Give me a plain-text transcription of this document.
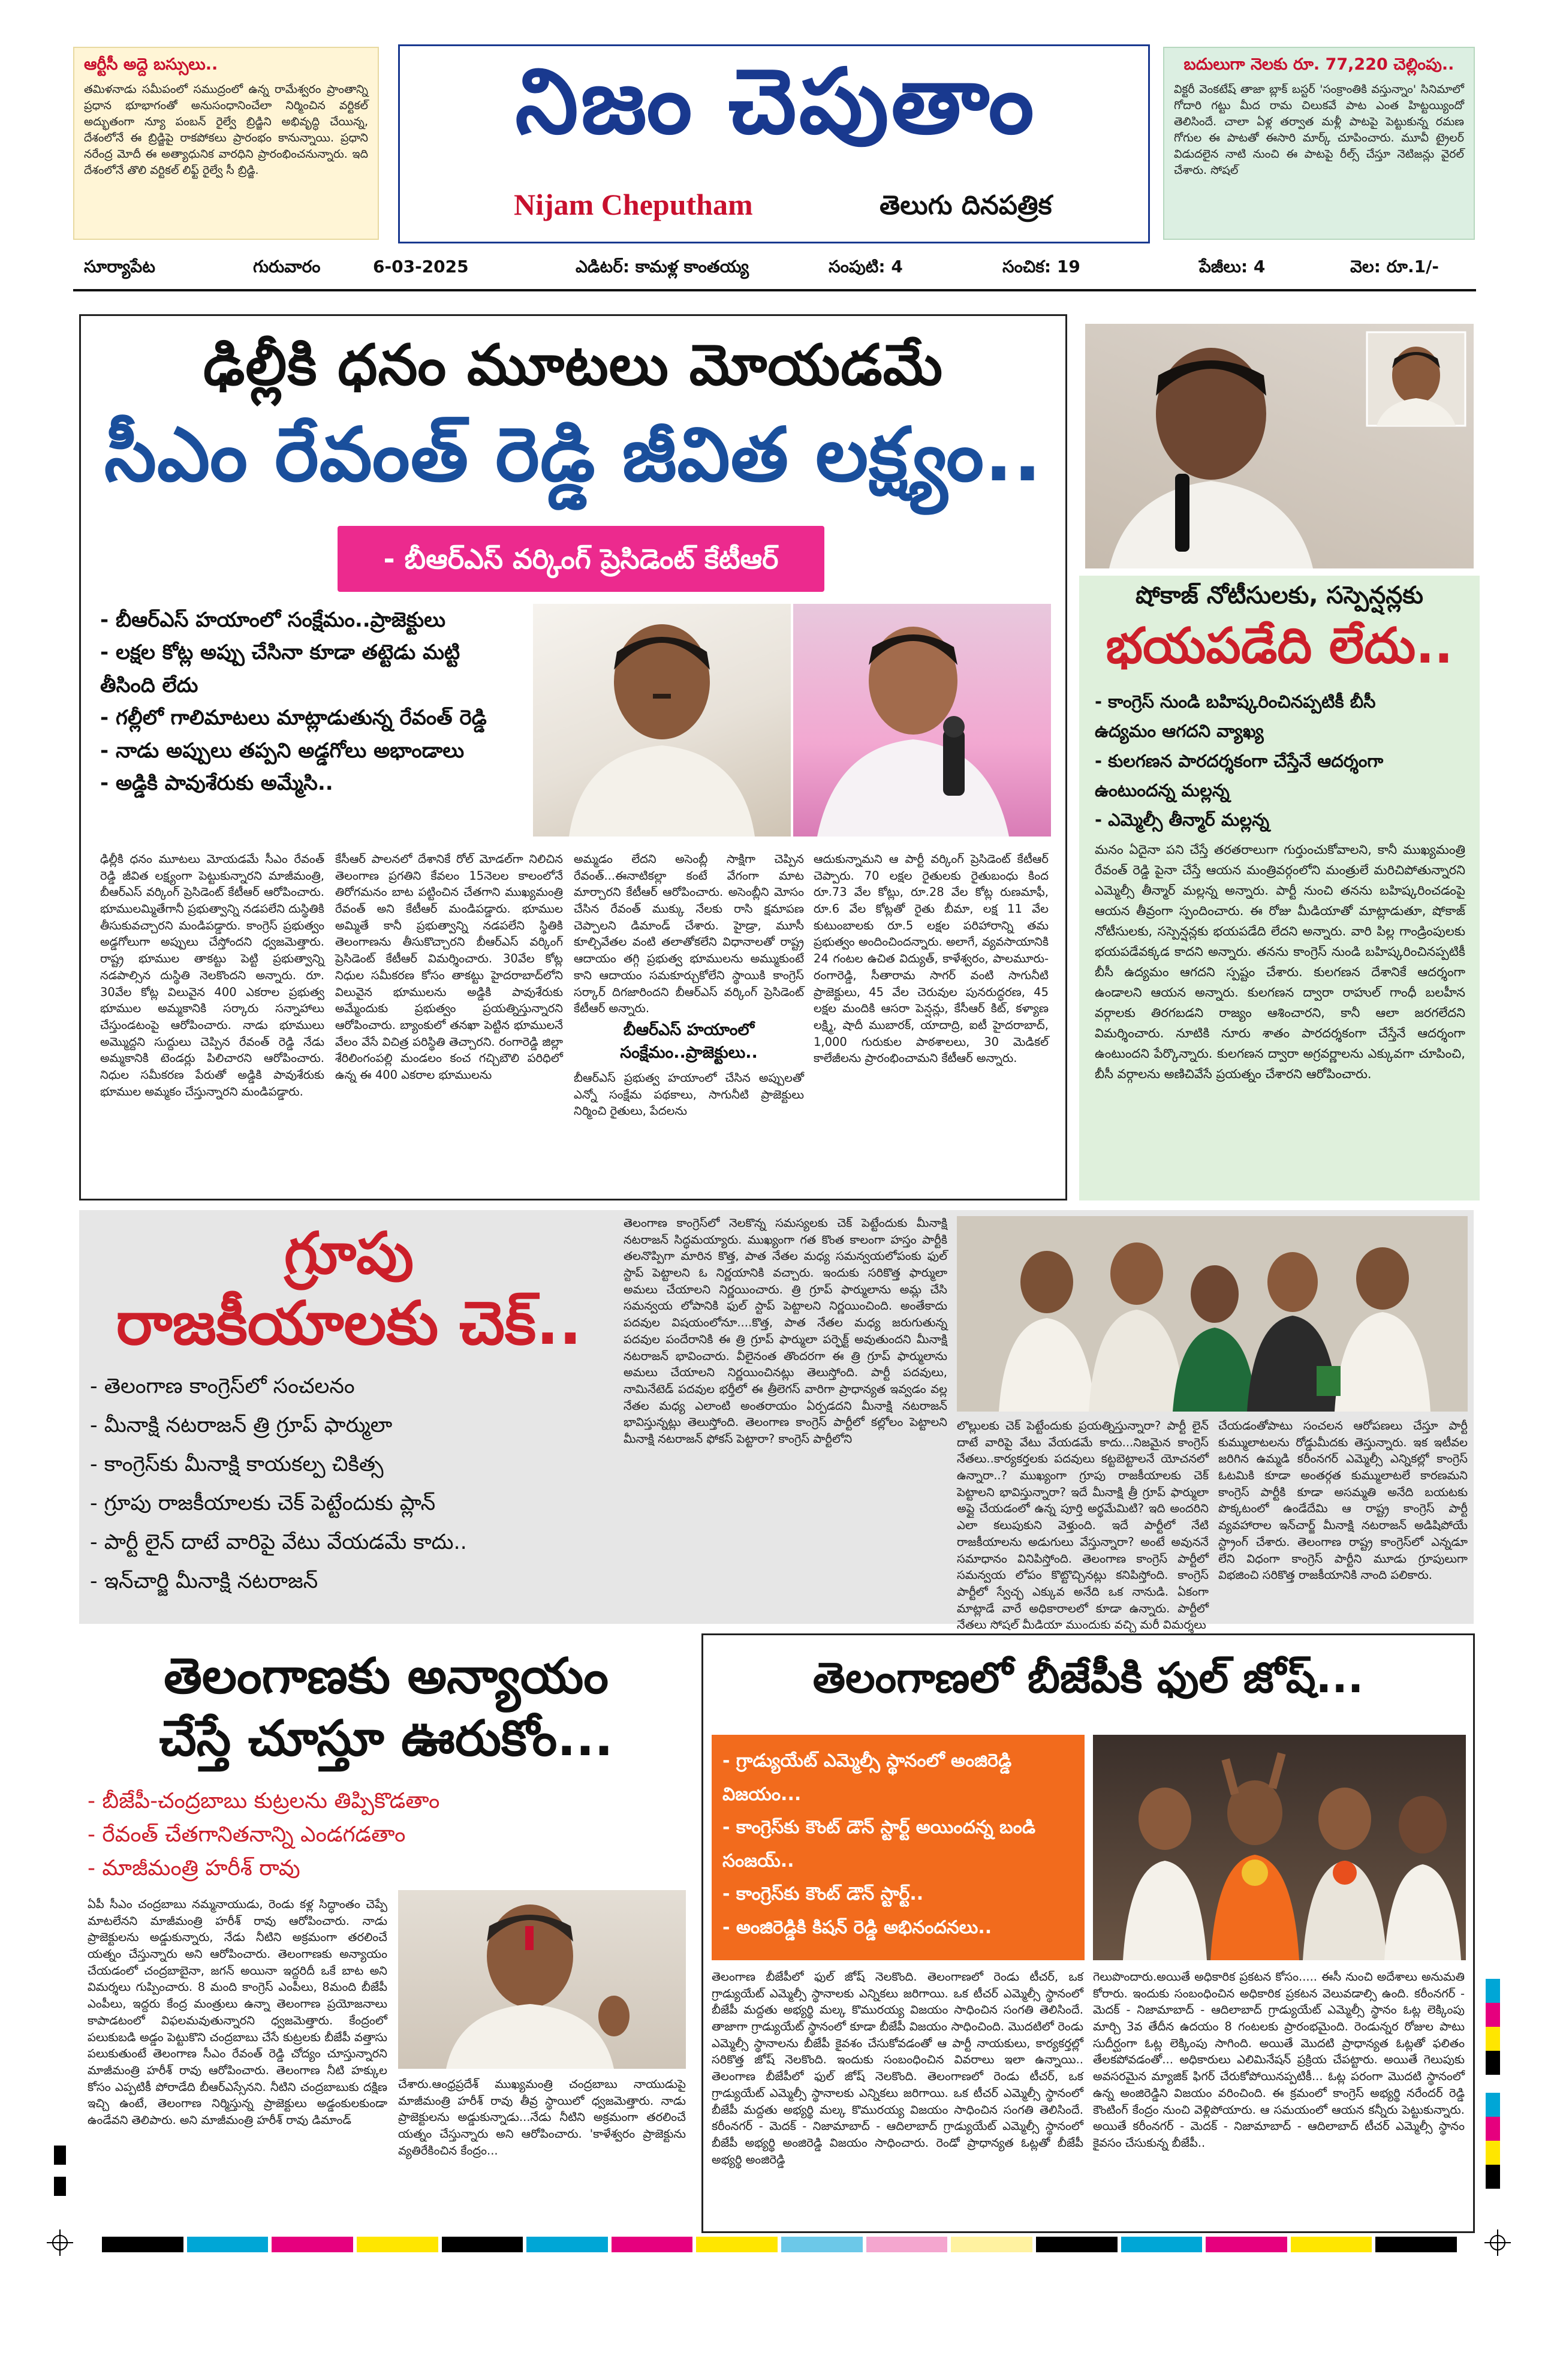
ఆర్టీసీ అద్దె బస్సులు..
తమిళనాడు సమీపంలో సముద్రంలో ఉన్న రామేశ్వరం ప్రాంతాన్ని ప్రధాన భూభాగంతో అనుసంధానించేలా నిర్మించిన వర్టికల్ అద్భుతంగా న్యూ పంబన్ రైల్వే బ్రిడ్జిని అభివృద్ధి చేయిన్న, దేశంలోనే ఈ బ్రిడ్జిపై రాకపోకలు ప్రారంభం కానున్నాయి. ప్రధాని నరేంద్ర మోదీ ఈ అత్యాధునిక వారధిని ప్రారంభించనున్నారు. ఇది దేశంలోనే తొలి వర్టికల్ లిఫ్ట్ రైల్వే సీ బ్రిడ్జి.
నిజం చెపుతాం
Nijam Cheputham	తెలుగు దినపత్రిక
బదులుగా నెలకు రూ. 77,220 చెల్లింపు..
విక్టరీ వెంకటేష్ తాజా బ్లాక్ బస్టర్ 'సంక్రాంతికి వస్తున్నాం' సినిమాలో గోదారి గట్టు మీద రామ చిలుకవే పాట ఎంత హిట్టయ్యిందో తెలిసిందే. చాలా ఏళ్ల తర్వాత మళ్లీ పాటపై పెట్టుకున్న రమణ గోగుల ఈ పాటతో ఈసారి మార్క్ చూపించారు. మూవీ ట్రైలర్ విడుదలైన నాటి నుంచి ఈ పాటపై రీల్స్ చేస్తూ నెటిజన్లు వైరల్ చేశారు. సోషల్
సూర్యాపేట	గురువారం	6-03-2025	ఎడిటర్: కామళ్ల కాంతయ్య	సంపుటి: 4	సంచిక: 19	పేజీలు: 4	వెల: రూ.1/-
ఢిల్లీకి ధనం మూటలు మోయడమే
సీఎం రేవంత్ రెడ్డి జీవిత లక్ష్యం..
- బీఆర్ఎస్ వర్కింగ్ ప్రెసిడెంట్ కేటీఆర్
- బీఆర్ఎస్ హయాంలో సంక్షేమం..ప్రాజెక్టులు
- లక్షల కోట్ల అప్పు చేసినా కూడా తట్టెడు మట్టి
తీసింది లేదు
- గల్లీలో గాలిమాటలు మాట్లాడుతున్న రేవంత్ రెడ్డి
- నాడు అప్పులు తప్పని అడ్డగోలు అభాండాలు
- అడ్డికి పావుశేరుకు అమ్మేసి..
ఢిల్లీకి ధనం మూటలు మోయడమే సీఎం రేవంత్ రెడ్డి జీవిత లక్ష్యంగా పెట్టుకున్నారని మాజీమంత్రి, బీఆర్ఎస్ వర్కింగ్ ప్రెసిడెంట్ కేటీఆర్ ఆరోపించారు. భూములమ్మితేగానీ ప్రభుత్వాన్ని నడపలేని దుస్థితికి తీసుకువచ్చారని మండిపడ్డారు. కాంగ్రెస్ ప్రభుత్వం అడ్డగోలుగా అప్పులు చేస్తోందని ధ్వజమెత్తారు. రాష్ట్ర భూముల తాకట్టు పెట్టి ప్రభుత్వాన్ని నడపాల్సిన దుస్థితి నెలకొందని అన్నారు. రూ. 30వేల కోట్ల విలువైన 400 ఎకరాల ప్రభుత్వ భూముల అమ్మకానికి సర్కారు సన్నాహాలు చేస్తుండటంపై ఆరోపించారు. నాడు భూములు అమ్మొద్దని సుద్దులు చెప్పిన రేవంత్ రెడ్డి నేడు అమ్మకానికి టెండర్లు పిలిచారని ఆరోపించారు. నిధుల సమీకరణ పేరుతో అడ్డికి పావుశేరుకు భూముల అమ్మకం చేస్తున్నారని మండిపడ్డారు.
కేసీఆర్ పాలనలో దేశానికే రోల్ మోడల్‌గా నిలిచిన తెలంగాణ ప్రగతిని కేవలం 15నెలల కాలంలోనే తిరోగమనం బాట పట్టించిన చేతగాని ముఖ్యమంత్రి రేవంత్ అని కేటీఆర్ మండిపడ్డారు. భూముల అమ్మితే కానీ ప్రభుత్వాన్ని నడపలేని స్థితికి తెలంగాణను తీసుకొచ్చారని బీఆర్ఎస్ వర్కింగ్ ప్రెసిడెంట్ కేటీఆర్ విమర్శించారు. 30వేల కోట్ల నిధుల సమీకరణ కోసం తాకట్టు హైదరాబాద్‌లోని విలువైన భూములను అడ్డికి పావుశేరుకు అమ్మేందుకు ప్రభుత్వం ప్రయత్నిస్తున్నారని ఆరోపించారు. బ్యాంకులో తనఖా పెట్టిన భూములనే వేలం వేసే విచిత్ర పరిస్థితి తెచ్చారని. రంగారెడ్డి జిల్లా శేరిలింగంపల్లి మండలం కంచ గచ్చిబౌలి పరిధిలో ఉన్న ఈ 400 ఎకరాల భూములను
అమ్మడం లేదని అసెంబ్లీ సాక్షిగా చెప్పిన రేవంత్...ఈనాటికల్లా కంటే వేగంగా మాట మార్చారని కేటీఆర్ ఆరోపించారు. అసెంబ్లీని మోసం చేసిన రేవంత్ ముక్కు నేలకు రాసి క్షమాపణ చెప్పాలని డిమాండ్ చేశారు. హైడ్రా, మూసీ కూల్చివేతల వంటి తలాతోకలేని విధానాలతో రాష్ట్ర ఆదాయం తగ్గి ప్రభుత్వ భూములను అమ్ముకుంటే కాని ఆదాయం సమకూర్చుకోలేని స్థాయికి కాంగ్రెస్ సర్కార్ దిగజారిందని బీఆర్ఎస్ వర్కింగ్ ప్రెసిడెంట్ కేటీఆర్ అన్నారు.
బీఆర్ఎస్ హయాంలో సంక్షేమం..ప్రాజెక్టులు..
బీఆర్ఎస్ ప్రభుత్వ హయాంలో చేసిన అప్పులతో ఎన్నో సంక్షేమ పథకాలు, సాగునీటి ప్రాజెక్టులు నిర్మించి రైతులు, పేదలను
ఆదుకున్నామని ఆ పార్టీ వర్కింగ్ ప్రెసిడెంట్ కేటీఆర్ చెప్పారు. 70 లక్షల రైతులకు రైతుబంధు కింద రూ.73 వేల కోట్లు, రూ.28 వేల కోట్ల రుణమాఫీ, రూ.6 వేల కోట్లతో రైతు బీమా, లక్ష 11 వేల కుటుంబాలకు రూ.5 లక్షల పరిహారాన్ని తమ ప్రభుత్వం అందించిందన్నారు. అలాగే, వ్యవసాయానికి 24 గంటల ఉచిత విద్యుత్, కాళేశ్వరం, పాలమూరు-రంగారెడ్డి, సీతారామ సాగర్ వంటి సాగునీటి ప్రాజెక్టులు, 45 వేల చెరువుల పునరుద్ధరణ, 45 లక్షల మందికి ఆసరా పెన్షన్లు, కేసీఆర్ కిట్, కళ్యాణ లక్ష్మి, షాదీ ముబారక్, యాదాద్రి, ఐటీ హైదరాబాద్, 1,000 గురుకుల పాఠశాలలు, 30 మెడికల్ కాలేజీలను ప్రారంభించామని కేటీఆర్ అన్నారు.
షోకాజ్ నోటీసులకు, సస్పెన్షన్లకు
భయపడేది లేదు..
- కాంగ్రెస్ నుండి బహిష్కరించినప్పటికీ బీసీ
ఉద్యమం ఆగదని వ్యాఖ్య
- కులగణన పారదర్శకంగా చేస్తేనే ఆదర్శంగా
ఉంటుందన్న మల్లన్న
- ఎమ్మెల్సీ తీన్మార్ మల్లన్న
మనం ఏదైనా పని చేస్తే తరతరాలుగా గుర్తుంచుకోవాలని, కానీ ముఖ్యమంత్రి రేవంత్ రెడ్డి పైనా చేస్తే ఆయన మంత్రివర్గంలోని మంత్రులే మరిచిపోతున్నారని ఎమ్మెల్సీ తీన్మార్ మల్లన్న అన్నారు. పార్టీ నుంచి తనను బహిష్కరించడంపై ఆయన తీవ్రంగా స్పందించారు. ఈ రోజు మీడియాతో మాట్లాడుతూ, షోకాజ్ నోటీసులకు, సస్పెన్షన్లకు భయపడేది లేదని అన్నారు. వారి పిల్ల గాండ్రింపులకు భయపడేవక్కడ కాదని అన్నారు. తనను కాంగ్రెస్ నుండి బహిష్కరించినప్పటికీ బీసీ ఉద్యమం ఆగదని స్పష్టం చేశారు. కులగణన దేశానికే ఆదర్శంగా ఉండాలని ఆయన అన్నారు. కులగణన ద్వారా రాహుల్ గాంధీ బలహీన వర్గాలకు తిరగబడని రాజ్యం ఆశించారని, కానీ ఆలా జరగలేదని విమర్శించారు. నూటికి నూరు శాతం పారదర్శకంగా చేస్తేనే ఆదర్శంగా ఉంటుందని పేర్కొన్నారు. కులగణన ద్వారా అగ్రవర్ణాలను ఎక్కువగా చూపించి, బీసీ వర్గాలను అణిచివేసే ప్రయత్నం చేశారని ఆరోపించారు.
గ్రూపు
రాజకీయాలకు చెక్..
- తెలంగాణ కాంగ్రెస్‌లో సంచలనం
- మీనాక్షి నటరాజన్ త్రి గ్రూప్ ఫార్ములా
- కాంగ్రెస్‌కు మీనాక్షి కాయకల్ప చికిత్స
- గ్రూపు రాజకీయాలకు చెక్ పెట్టేందుకు ప్లాన్
- పార్టీ లైన్ దాటే వారిపై వేటు వేయడమే కాదు..
- ఇన్‌చార్జి మీనాక్షి నటరాజన్
తెలంగాణ కాంగ్రెస్‌లో నెలకొన్న సమస్యలకు చెక్ పెట్టేందుకు మీనాక్షి నటరాజన్ సిద్ధమయ్యారు. ముఖ్యంగా గత కొంత కాలంగా హస్తం పార్టీకి తలనొప్పిగా మారిన కొత్త, పాత నేతల మధ్య సమన్వయలోపంకు ఫుల్ స్టాప్ పెట్టాలని ఓ నిర్ణయానికి వచ్చారు. ఇందుకు సరికొత్త ఫార్ములా అమలు చేయాలని నిర్ణయించారు. త్రి గ్రూప్ ఫార్ములాను అమ్ల చేసి సమన్వయ లోపానికి ఫుల్ స్టాప్ పెట్టాలని నిర్ణయించింది. అంతేకాదు పదవుల విషయంలోనూ....కొత్త, పాత నేతల మధ్య జరుగుతున్న పదవుల పందేరానికి ఈ త్రి గ్రూప్ ఫార్ములా పర్ఫెక్ట్ అవుతుందని మీనాక్షి నటరాజన్ భావించారు. వీలైనంత తొందరగా ఈ త్రి గ్రూప్ ఫార్ములాను అమలు చేయాలని నిర్ణయించినట్లు తెలుస్తోంది. పార్టీ పదవులు, నామినేటెడ్ పదవుల భర్తీలో ఈ త్రీలెగస్ వారిగా ప్రాధాన్యత ఇవ్వడం వల్ల నేతల మధ్య ఎలాంటి అంతరాయం ఏర్పడదని మీనాక్షి నటరాజన్ భావిస్తున్నట్లు తెలుస్తోంది. తెలంగాణ కాంగ్రెస్ పార్టీలో కల్లోలం పెట్టాలని మీనాక్షి నటరాజన్ ఫోకస్ పెట్టారా? కాంగ్రెస్ పార్టీలోని
లొల్లులకు చెక్ పెట్టేందుకు ప్రయత్నిస్తున్నారా? పార్టీ లైన్ దాటే వారిపై వేటు వేయడమే కాదు...నిజమైన కాంగ్రెస్ నేతలు..కార్యకర్తలకు పదవులు కట్టబెట్టాలనే యోచనలో ఉన్నారా..? ముఖ్యంగా గ్రూపు రాజకీయాలకు చెక్ పెట్టాలని భావిస్తున్నారా? ఇదే మీనాక్షి త్రీ గ్రూప్ ఫార్ములా అప్లై చేయడంలో ఉన్న పూర్తి అర్థమేమిటి? ఇది అందరిని ఎలా కలుపుకుని వెళ్తుంది. ఇదే పార్టీలో నేటి రాజకీయాలను అడుగులు వేస్తున్నారా? అంటే అవుననే సమాధానం వినిపిస్తోంది. తెలంగాణ కాంగ్రెస్ పార్టీలో సమన్వయ లోపం కొట్టొచ్చినట్లు కనిపిస్తోంది. కాంగ్రెస్ పార్టీలో స్వేచ్ఛ ఎక్కువ అనేది ఒక నానుడి. ఏకంగా మాట్లాడే వారే అధికారాలలో కూడా ఉన్నారు. పార్టీలో నేతలు సోషల్ మీడియా ముందుకు వచ్చి మరీ విమర్శలు
చేయడంతోపాటు సంచలన ఆరోపణలు చేస్తూ పార్టీ కుమ్ములాటలను రోడ్డుమీదకు తెస్తున్నారు. ఇక ఇటీవల జరిగిన ఉమ్మడి కరీంనగర్ ఎమ్మెల్సీ ఎన్నికల్లో కాంగ్రెస్ ఓటమికి కూడా అంతర్గత కుమ్ములాటలే కారణమని కాంగ్రెస్ పార్టీకి కూడా అసమ్మతి అనేది బయటకు పొక్కటంలో ఉండేదేమి ఆ రాష్ట్ర కాంగ్రెస్ పార్టీ వ్యవహారాల ఇన్‌చార్జ్ మీనాక్షి నటరాజన్ అడిషిపోయే స్ట్రాంగ్ చేశారు. తెలంగాణ రాష్ట్ర కాంగ్రెస్‌లో ఎన్నడూ లేని విధంగా కాంగ్రెస్ పార్టీని మూడు గ్రూపులుగా విభజించి సరికొత్త రాజకీయానికి నాంది పలికారు.
తెలంగాణకు అన్యాయం
చేస్తే చూస్తూ ఊరుకోం...
- బీజేపీ-చంద్రబాబు కుట్రలను తిప్పికొడతాం
- రేవంత్ చేతగానితనాన్ని ఎండగడతాం
- మాజీమంత్రి హరీశ్ రావు
ఏపీ సీఎం చంద్రబాబు నమ్మనాయుడు, రెండు కళ్ల సిద్ధాంతం చెప్పే మాటలేనని మాజీమంత్రి హరీశ్ రావు ఆరోపించారు. నాడు ప్రాజెక్టులను అడ్డుకున్నారు, నేడు నీటిని అక్రమంగా తరలించే యత్నం చేస్తున్నారు అని ఆరోపించారు. తెలంగాణకు అన్యాయం చేయడంలో చంద్రబాబైనా, జగన్ అయినా ఇద్దరిదీ ఒకే బాట అని విమర్శలు గుప్పించారు. 8 మంది కాంగ్రెస్ ఎంపీలు, 8మంది బీజేపీ ఎంపీలు, ఇద్దరు కేంద్ర మంత్రులు ఉన్నా తెలంగాణ ప్రయోజనాలు కాపాడటంలో విఫలమవుతున్నారని ధ్వజమెత్తారు. కేంద్రంలో పలుకుబడి అడ్డం పెట్టుకొని చంద్రబాబు చేసే కుట్రలకు బీజేపీ వత్తాసు పలుకుతుంటే తెలంగాణ సీఎం రేవంత్ రెడ్డి చోద్యం చూస్తున్నారని మాజీమంత్రి హరీశ్ రావు ఆరోపించారు. తెలంగాణ నీటి హక్కుల కోసం ఎప్పటికీ పోరాడేది బీఆర్ఎస్సేనని. నీటిని చంద్రబాబుకు దక్షిణ ఇచ్చి ఉంటే, తెలంగాణ నిర్మిస్తున్న ప్రాజెక్టులు అడ్డంకులకుండా ఉండేవని తెలిపారు. అని మాజీమంత్రి హరీశ్ రావు డిమాండ్
చేశారు.ఆంధ్రప్రదేశ్ ముఖ్యమంత్రి చంద్రబాబు నాయుడుపై మాజీమంత్రి హరీశ్ రావు తీవ్ర స్థాయిలో ధ్వజమెత్తారు. నాడు ప్రాజెక్టులను అడ్డుకున్నాడు...నేడు నీటిని అక్రమంగా తరలించే యత్నం చేస్తున్నారు అని ఆరోపించారు. 'కాళేశ్వరం ప్రాజెక్టును వ్యతిరేకించిన కేంద్రం...
తెలంగాణలో బీజేపీకి ఫుల్ జోష్...
- గ్రాడ్యుయేట్ ఎమ్మెల్సీ స్థానంలో అంజిరెడ్డి
విజయం...
- కాంగ్రెస్‌కు కౌంట్ డౌన్ స్టార్ట్ అయిందన్న బండి
సంజయ్..
- కాంగ్రెస్‌కు కౌంట్ డౌన్ స్టార్ట్..
- అంజిరెడ్డికి కిషన్ రెడ్డి అభినందనలు..
తెలంగాణ బీజేపీలో ఫుల్ జోష్ నెలకొంది. తెలంగాణలో రెండు టీచర్, ఒక గ్రాడ్యుయేట్ ఎమ్మెల్సీ స్థానాలకు ఎన్నికలు జరిగాయి. ఒక టీచర్ ఎమ్మెల్సీ స్థానంలో బీజేపీ మద్దతు అభ్యర్థి మల్క కొమురయ్య విజయం సాధించిన సంగతి తెలిసిందే. తాజాగా గ్రాడ్యుయేట్ స్థానంలో కూడా బీజేపీ విజయం సాధించింది. మొదటిలో రెండు ఎమ్మెల్సీ స్థానాలను బీజేపీ కైవశం చేసుకోవడంతో ఆ పార్టీ నాయకులు, కార్యకర్తల్లో సరికొత్త జోష్ నెలకొంది. ఇందుకు సంబంధించిన వివరాలు ఇలా ఉన్నాయి.. తెలంగాణ బీజేపీలో ఫుల్ జోష్ నెలకొంది. తెలంగాణలో రెండు టీచర్, ఒక గ్రాడ్యుయేట్ ఎమ్మెల్సీ స్థానాలకు ఎన్నికలు జరిగాయి. ఒక టీచర్ ఎమ్మెల్సీ స్థానంలో బీజేపీ మద్దతు అభ్యర్థి మల్క కొమురయ్య విజయం సాధించిన సంగతి తెలిసిందే. కరీంనగర్ - మెదక్ - నిజామాబాద్ - ఆదిలాబాద్ గ్రాడ్యుయేట్ ఎమ్మెల్సీ స్థానంలో బీజేపీ అభ్యర్థి అంజిరెడ్డి విజయం సాధించారు. రెండో ప్రాధాన్యత ఓట్లతో బీజేపీ అభ్యర్థి అంజిరెడ్డి
గెలుపొందారు.అయితే అధికారిక ప్రకటన కోసం..... ఈసీ నుంచి అదేశాలు అనుమతి కోరారు. ఇందుకు సంబంధించిన అధికారిక ప్రకటన వెలువడాల్సి ఉంది. కరీంనగర్ - మెదక్ - నిజామాబాద్ - ఆదిలాబాద్ గ్రాడ్యుయేట్ ఎమ్మెల్సీ స్థానం ఓట్ల లెక్కింపు మార్చి 3వ తేదీన ఉదయం 8 గంటలకు ప్రారంభమైంది. రెండున్నర రోజుల పాటు సుదీర్ఘంగా ఓట్ల లెక్కింపు సాగింది. అయితే మొదటి ప్రాధాన్యత ఓట్లతో ఫలితం తేలకపోవడంతో... అధికారులు ఎలిమినేషన్ ప్రక్రియ చేపట్టారు. అయితే గెలుపుకు అవసరమైన మ్యాజిక్ ఫిగర్ చేరుకోపోయినప్పటికీ... ఓట్ల పరంగా మొదటి స్థానంలో ఉన్న అంజిరెడ్డిని విజయం వరించింది. ఈ క్రమంలో కాంగ్రెస్ అభ్యర్థి నరేందర్ రెడ్డి కౌంటింగ్ కేంద్రం నుంచి వెళ్లిపోయారు. ఆ సమయంలో ఆయన కన్నీరు పెట్టుకున్నారు. అయితే కరీంనగర్ - మెదక్ - నిజామాబాద్ - ఆదిలాబాద్ టీచర్ ఎమ్మెల్సీ స్థానం కైవసం చేసుకున్న బీజేపీ..
